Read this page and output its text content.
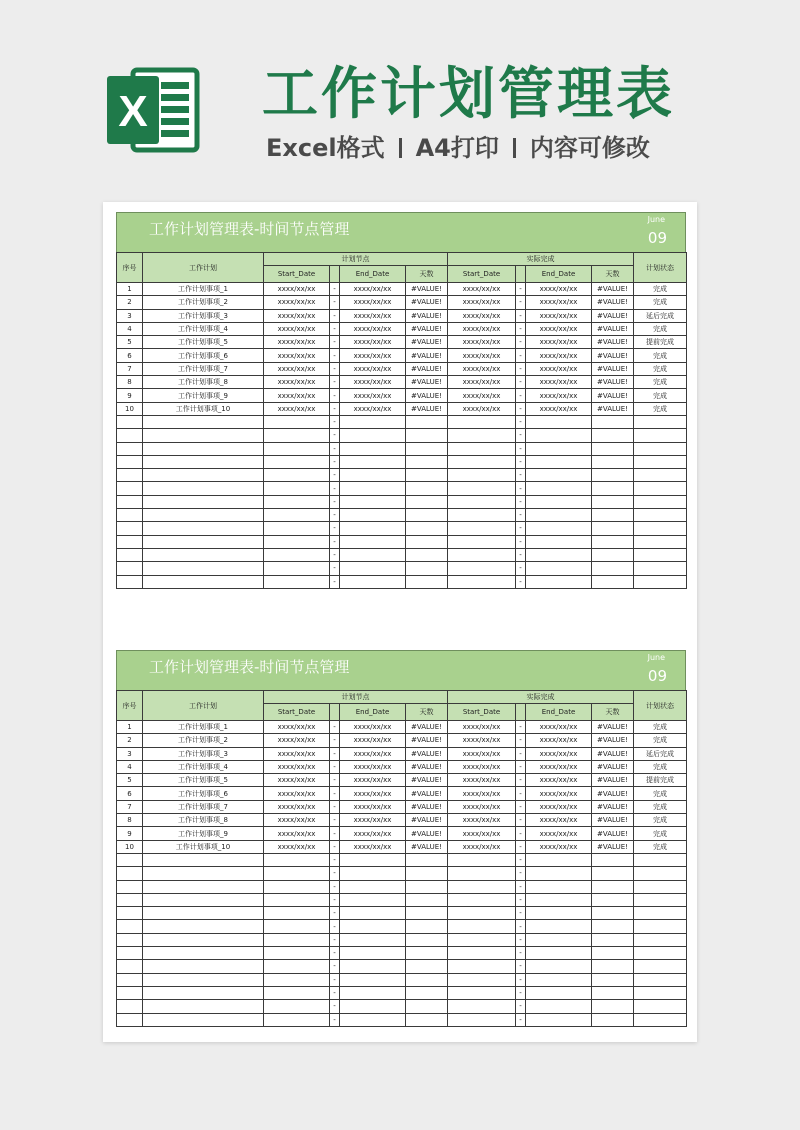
X 工作计划管理表
Excel格式 A4打印 内容可修改
工作计划管理表-时间节点管理
June
09
序号	工作计划	计划节点				实际完成				计划状态
		Start_Date		End_Date	天数	Start_Date		End_Date	天数	
1	工作计划事项_1	xxxx/xx/xx	-	xxxx/xx/xx	#VALUE!	xxxx/xx/xx	-	xxxx/xx/xx	#VALUE!	完成
2	工作计划事项_2	xxxx/xx/xx	-	xxxx/xx/xx	#VALUE!	xxxx/xx/xx	-	xxxx/xx/xx	#VALUE!	完成
3	工作计划事项_3	xxxx/xx/xx	-	xxxx/xx/xx	#VALUE!	xxxx/xx/xx	-	xxxx/xx/xx	#VALUE!	延后完成
4	工作计划事项_4	xxxx/xx/xx	-	xxxx/xx/xx	#VALUE!	xxxx/xx/xx	-	xxxx/xx/xx	#VALUE!	完成
5	工作计划事项_5	xxxx/xx/xx	-	xxxx/xx/xx	#VALUE!	xxxx/xx/xx	-	xxxx/xx/xx	#VALUE!	提前完成
6	工作计划事项_6	xxxx/xx/xx	-	xxxx/xx/xx	#VALUE!	xxxx/xx/xx	-	xxxx/xx/xx	#VALUE!	完成
7	工作计划事项_7	xxxx/xx/xx	-	xxxx/xx/xx	#VALUE!	xxxx/xx/xx	-	xxxx/xx/xx	#VALUE!	完成
8	工作计划事项_8	xxxx/xx/xx	-	xxxx/xx/xx	#VALUE!	xxxx/xx/xx	-	xxxx/xx/xx	#VALUE!	完成
9	工作计划事项_9	xxxx/xx/xx	-	xxxx/xx/xx	#VALUE!	xxxx/xx/xx	-	xxxx/xx/xx	#VALUE!	完成
10	工作计划事项_10	xxxx/xx/xx	-	xxxx/xx/xx	#VALUE!	xxxx/xx/xx	-	xxxx/xx/xx	#VALUE!	完成
			-				-			
			-				-			
			-				-			
			-				-			
			-				-			
			-				-			
			-				-			
			-				-			
			-				-			
			-				-			
			-				-			
			-				-			
			-				-			
工作计划管理表-时间节点管理
June
09
序号	工作计划	计划节点				实际完成				计划状态
		Start_Date		End_Date	天数	Start_Date		End_Date	天数	
1	工作计划事项_1	xxxx/xx/xx	-	xxxx/xx/xx	#VALUE!	xxxx/xx/xx	-	xxxx/xx/xx	#VALUE!	完成
2	工作计划事项_2	xxxx/xx/xx	-	xxxx/xx/xx	#VALUE!	xxxx/xx/xx	-	xxxx/xx/xx	#VALUE!	完成
3	工作计划事项_3	xxxx/xx/xx	-	xxxx/xx/xx	#VALUE!	xxxx/xx/xx	-	xxxx/xx/xx	#VALUE!	延后完成
4	工作计划事项_4	xxxx/xx/xx	-	xxxx/xx/xx	#VALUE!	xxxx/xx/xx	-	xxxx/xx/xx	#VALUE!	完成
5	工作计划事项_5	xxxx/xx/xx	-	xxxx/xx/xx	#VALUE!	xxxx/xx/xx	-	xxxx/xx/xx	#VALUE!	提前完成
6	工作计划事项_6	xxxx/xx/xx	-	xxxx/xx/xx	#VALUE!	xxxx/xx/xx	-	xxxx/xx/xx	#VALUE!	完成
7	工作计划事项_7	xxxx/xx/xx	-	xxxx/xx/xx	#VALUE!	xxxx/xx/xx	-	xxxx/xx/xx	#VALUE!	完成
8	工作计划事项_8	xxxx/xx/xx	-	xxxx/xx/xx	#VALUE!	xxxx/xx/xx	-	xxxx/xx/xx	#VALUE!	完成
9	工作计划事项_9	xxxx/xx/xx	-	xxxx/xx/xx	#VALUE!	xxxx/xx/xx	-	xxxx/xx/xx	#VALUE!	完成
10	工作计划事项_10	xxxx/xx/xx	-	xxxx/xx/xx	#VALUE!	xxxx/xx/xx	-	xxxx/xx/xx	#VALUE!	完成
			-				-			
			-				-			
			-				-			
			-				-			
			-				-			
			-				-			
			-				-			
			-				-			
			-				-			
			-				-			
			-				-			
			-				-			
			-				-			
